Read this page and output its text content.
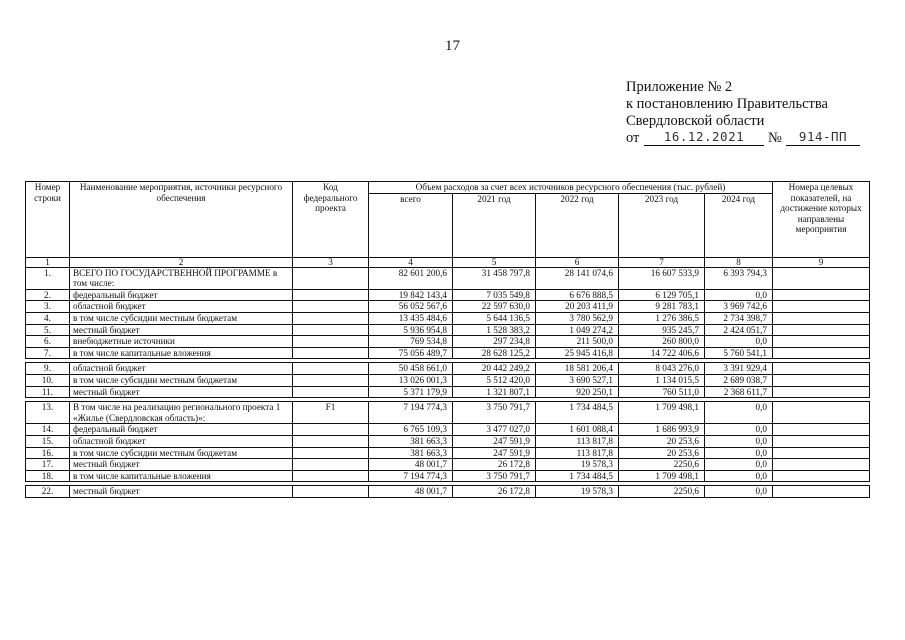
17
Приложение № 2
к постановлению Правительства
Свердловской области
от	16.12.2021	№	914-ПП
Номер строки	Наименование мероприятия, источники ресурсного обеспечения	Код федерального проекта	Объем расходов за счет всех источников ресурсного обеспечения (тыс. рублей)					Номера целевых показателей, на достижение которых направлены мероприятия
			всего	2021 год	2022 год	2023 год	2024 год	
1	2	3	4	5	6	7	8	9
1.	ВСЕГО ПО ГОСУДАРСТВЕННОЙ ПРОГРАММЕ в том числе:		82 601 200,6	31 458 797,8	28 141 074,6	16 607 533,9	6 393 794,3	
2.	федеральный бюджет		19 842 143,4	7 035 549,8	6 676 888,5	6 129 705,1	0,0	
3.	областной бюджет		56 052 567,6	22 597 630,0	20 203 411,9	9 281 783,1	3 969 742,6	
4.	в том числе субсидии местным бюджетам		13 435 484,6	5 644 136,5	3 780 562,9	1 276 386,5	2 734 398,7	
5.	местный бюджет		5 936 954,8	1 528 383,2	1 049 274,2	935 245,7	2 424 051,7	
6.	внебюджетные источники		769 534,8	297 234,8	211 500,0	260 800,0	0,0	
7.	в том числе капитальные вложения		75 056 489,7	28 628 125,2	25 945 416,8	14 722 406,6	5 760 541,1	

9.	областной бюджет		50 458 661,0	20 442 249,2	18 581 206,4	8 043 276,0	3 391 929,4	
10.	в том числе субсидии местным бюджетам		13 026 001,3	5 512 420,0	3 690 527,1	1 134 015,5	2 689 038,7	
11.	местный бюджет		5 371 179,9	1 321 807,1	920 250,1	760 511,0	2 368 611,7	

13.	В том числе на реализацию регионального проекта 1 «Жилье (Свердловская область)»:	F1	7 194 774,3	3 750 791,7	1 734 484,5	1 709 498,1	0,0	
14.	федеральный бюджет		6 765 109,3	3 477 027,0	1 601 088,4	1 686 993,9	0,0	
15.	областной бюджет		381 663,3	247 591,9	113 817,8	20 253,6	0,0	
16.	в том числе субсидии местным бюджетам		381 663,3	247 591,9	113 817,8	20 253,6	0,0	
17.	местный бюджет		48 001,7	26 172,8	19 578,3	2250,6	0,0	
18.	в том числе капитальные вложения		7 194 774,3	3 750 791,7	1 734 484,5	1 709 498,1	0,0	

22.	местный бюджет		48 001,7	26 172,8	19 578,3	2250,6	0,0	
